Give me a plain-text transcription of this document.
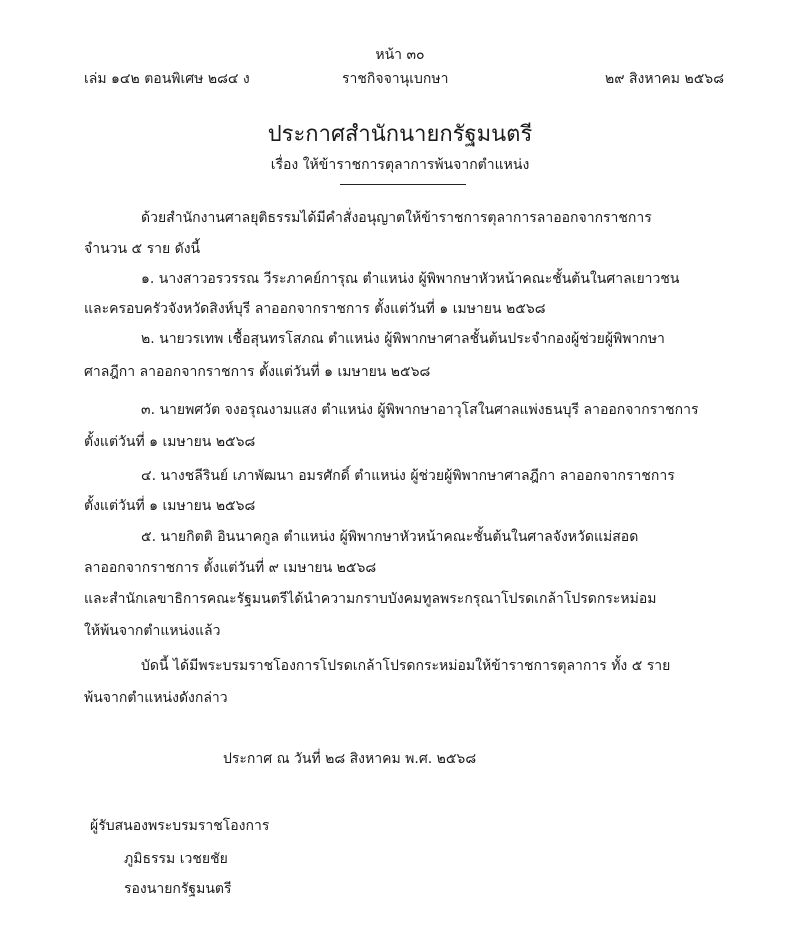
หน้า ๓๐
เล่ม ๑๔๒ ตอนพิเศษ ๒๘๔ ง	ราชกิจจานุเบกษา	๒๙ สิงหาคม ๒๕๖๘
ประกาศสำนักนายกรัฐมนตรี
เรื่อง ให้ข้าราชการตุลาการพ้นจากตำแหน่ง
ด้วยสำนักงานศาลยุติธรรมได้มีคำสั่งอนุญาตให้ข้าราชการตุลาการลาออกจากราชการ
จำนวน ๕ ราย ดังนี้
๑. นางสาวอรวรรณ วีระภาคย์การุณ ตำแหน่ง ผู้พิพากษาหัวหน้าคณะชั้นต้นในศาลเยาวชน
และครอบครัวจังหวัดสิงห์บุรี ลาออกจากราชการ ตั้งแต่วันที่ ๑ เมษายน ๒๕๖๘
๒. นายวรเทพ เชื้อสุนทรโสภณ ตำแหน่ง ผู้พิพากษาศาลชั้นต้นประจำกองผู้ช่วยผู้พิพากษา
ศาลฎีกา ลาออกจากราชการ ตั้งแต่วันที่ ๑ เมษายน ๒๕๖๘
๓. นายพศวัต จงอรุณงามแสง ตำแหน่ง ผู้พิพากษาอาวุโสในศาลแพ่งธนบุรี ลาออกจากราชการ
ตั้งแต่วันที่ ๑ เมษายน ๒๕๖๘
๔. นางชลีรินย์ เภาพัฒนา อมรศักดิ์ ตำแหน่ง ผู้ช่วยผู้พิพากษาศาลฎีกา ลาออกจากราชการ
ตั้งแต่วันที่ ๑ เมษายน ๒๕๖๘
๕. นายกิตติ อินนาคกูล ตำแหน่ง ผู้พิพากษาหัวหน้าคณะชั้นต้นในศาลจังหวัดแม่สอด
ลาออกจากราชการ ตั้งแต่วันที่ ๙ เมษายน ๒๕๖๘
และสำนักเลขาธิการคณะรัฐมนตรีได้นำความกราบบังคมทูลพระกรุณาโปรดเกล้าโปรดกระหม่อม
ให้พ้นจากตำแหน่งแล้ว
บัดนี้ ได้มีพระบรมราชโองการโปรดเกล้าโปรดกระหม่อมให้ข้าราชการตุลาการ ทั้ง ๕ ราย
พ้นจากตำแหน่งดังกล่าว
ประกาศ ณ วันที่ ๒๘ สิงหาคม พ.ศ. ๒๕๖๘
ผู้รับสนองพระบรมราชโองการ
ภูมิธรรม เวชยชัย
รองนายกรัฐมนตรี
